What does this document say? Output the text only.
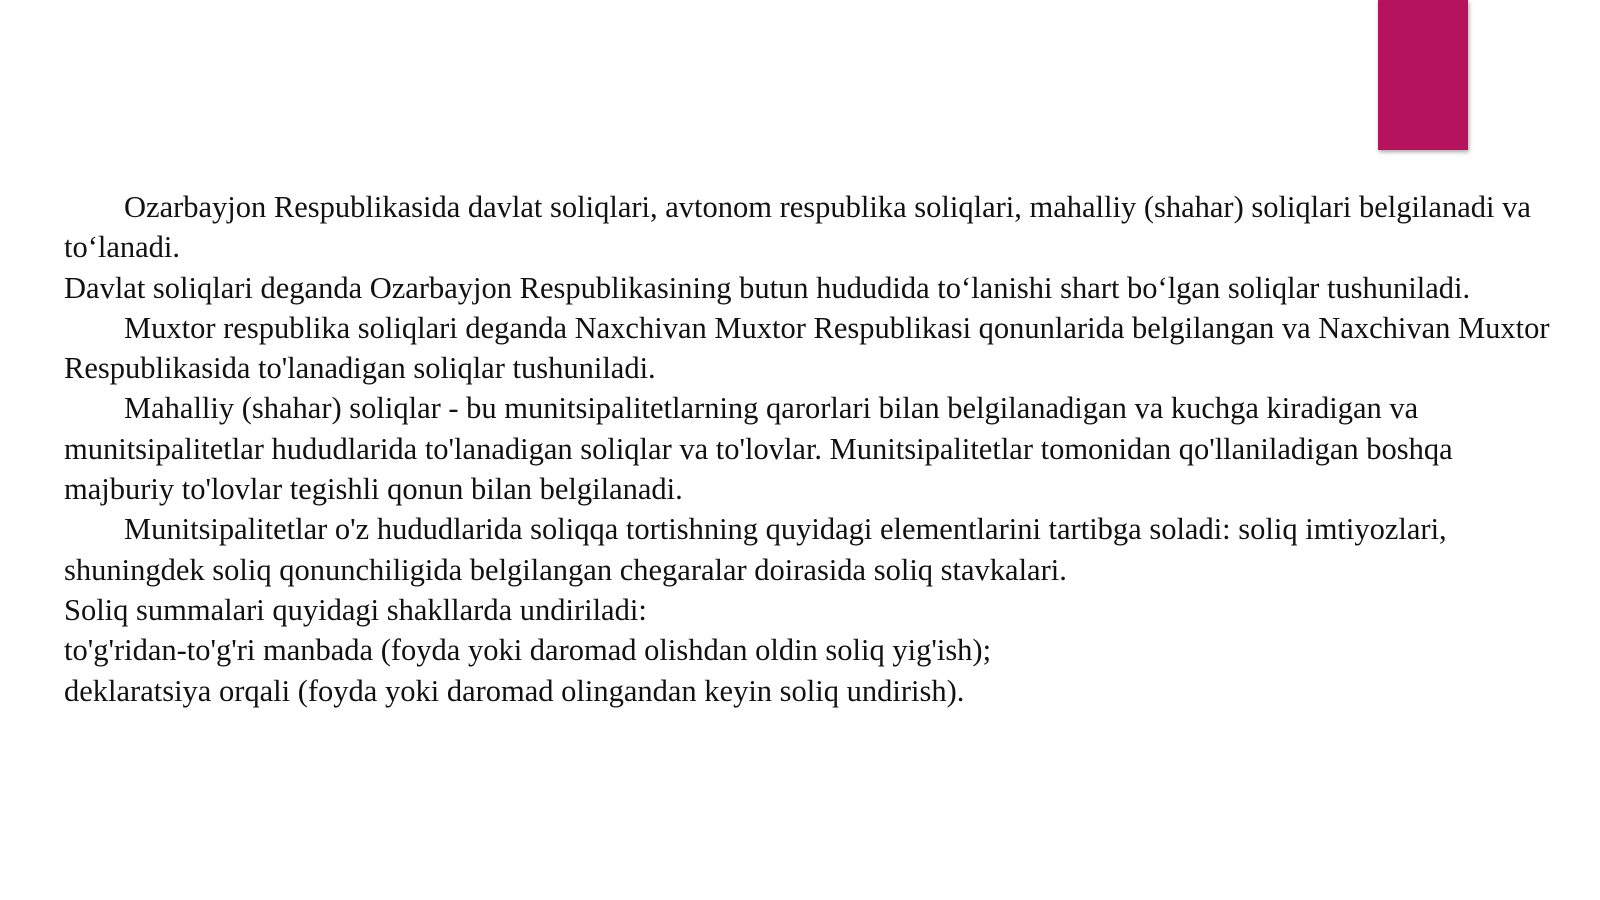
Ozarbayjon Respublikasida davlat soliqlari, avtonom respublika soliqlari, mahalliy (shahar) soliqlari belgilanadi va to‘lanadi.

Davlat soliqlari deganda Ozarbayjon Respublikasining butun hududida to‘lanishi shart bo‘lgan soliqlar tushuniladi.

Muxtor respublika soliqlari deganda Naxchivan Muxtor Respublikasi qonunlarida belgilangan va Naxchivan Muxtor Respublikasida to'lanadigan soliqlar tushuniladi.

Mahalliy (shahar) soliqlar - bu munitsipalitetlarning qarorlari bilan belgilanadigan va kuchga kiradigan va munitsipalitetlar hududlarida to'lanadigan soliqlar va to'lovlar. Munitsipalitetlar tomonidan qo'llaniladigan boshqa majburiy to'lovlar tegishli qonun bilan belgilanadi.

Munitsipalitetlar o'z hududlarida soliqqa tortishning quyidagi elementlarini tartibga soladi: soliq imtiyozlari, shuningdek soliq qonunchiligida belgilangan chegaralar doirasida soliq stavkalari.

Soliq summalari quyidagi shakllarda undiriladi:

to'g'ridan-to'g'ri manbada (foyda yoki daromad olishdan oldin soliq yig'ish);

deklaratsiya orqali (foyda yoki daromad olingandan keyin soliq undirish).
